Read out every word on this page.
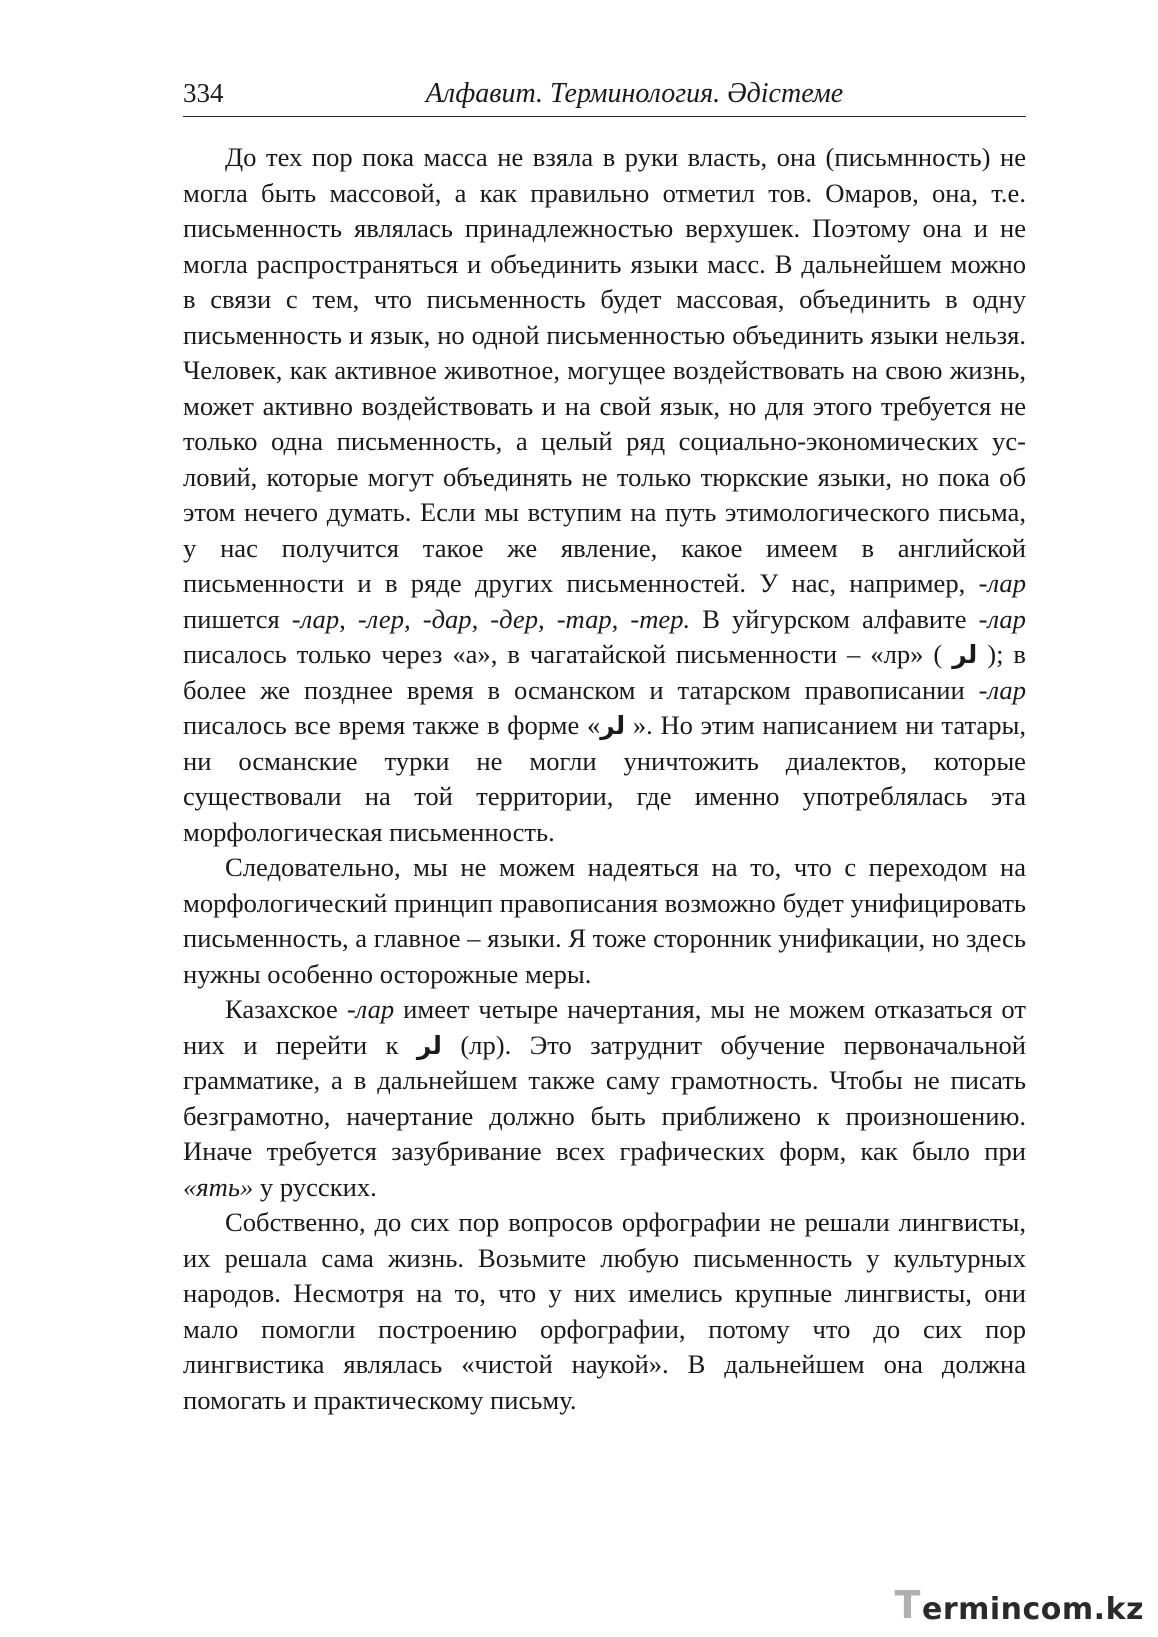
334	Алфавит. Терминология. Әдістеме

До тех пор пока масса не взяла в руки власть, она (письмнность) не могла быть массовой, а как правильно отметил тов. Омаров, она, т.е. письменность являлась принадлежностью верхушек. Поэтому она и не могла распространяться и объединить языки масс. В дальнейшем можно в связи с тем, что письменность будет массовая, объединить в одну письменность и язык, но одной письменностью объединить языки нельзя. Человек, как активное животное, могущее воздействовать на свою жизнь, может активно воздействовать и на свой язык, но для этого требуется не только одна письменность, а целый ряд социально-экономических условий, которые могут объединять не только тюркские языки, но пока об этом нечего думать. Если мы вступим на путь этимологического письма, у нас получится такое же явление, какое имеем в английской письменности и в ряде других письменностей. У нас, например, -лар пишется -лар, -лер, -дар, -дер, -тар, -тер. В уйгурском алфавите -лар писалось только через «а», в чагатайской письменности – «лр» ( لر ); в более же позднее время в османском и татарском правописании -лар писалось все время также в форме «لر ». Но этим написанием ни татары, ни османские турки не могли уничтожить диалектов, которые существовали на той территории, где именно употреблялась эта морфологическая письменность.

Следовательно, мы не можем надеяться на то, что с переходом на морфологический принцип правописания возможно будет унифицировать письменность, а главное – языки. Я тоже сторонник унификации, но здесь нужны особенно осторожные меры.

Казахское -лар имеет четыре начертания, мы не можем отказаться от них и перейти к لر (лр). Это затруднит обучение первоначальной грамматике, а в дальнейшем также саму грамотность. Чтобы не писать безграмотно, начертание должно быть приближено к произношению. Иначе требуется зазубривание всех графических форм, как было при «ять» у русских.

Собственно, до сих пор вопросов орфографии не решали лингвисты, их решала сама жизнь. Возьмите любую письменность у культурных народов. Несмотря на то, что у них имелись крупные лингвисты, они мало помогли построению орфографии, потому что до сих пор лингвистика являлась «чистой наукой». В дальнейшем она должна помогать и практическому письму.

T erminc o m.kz
